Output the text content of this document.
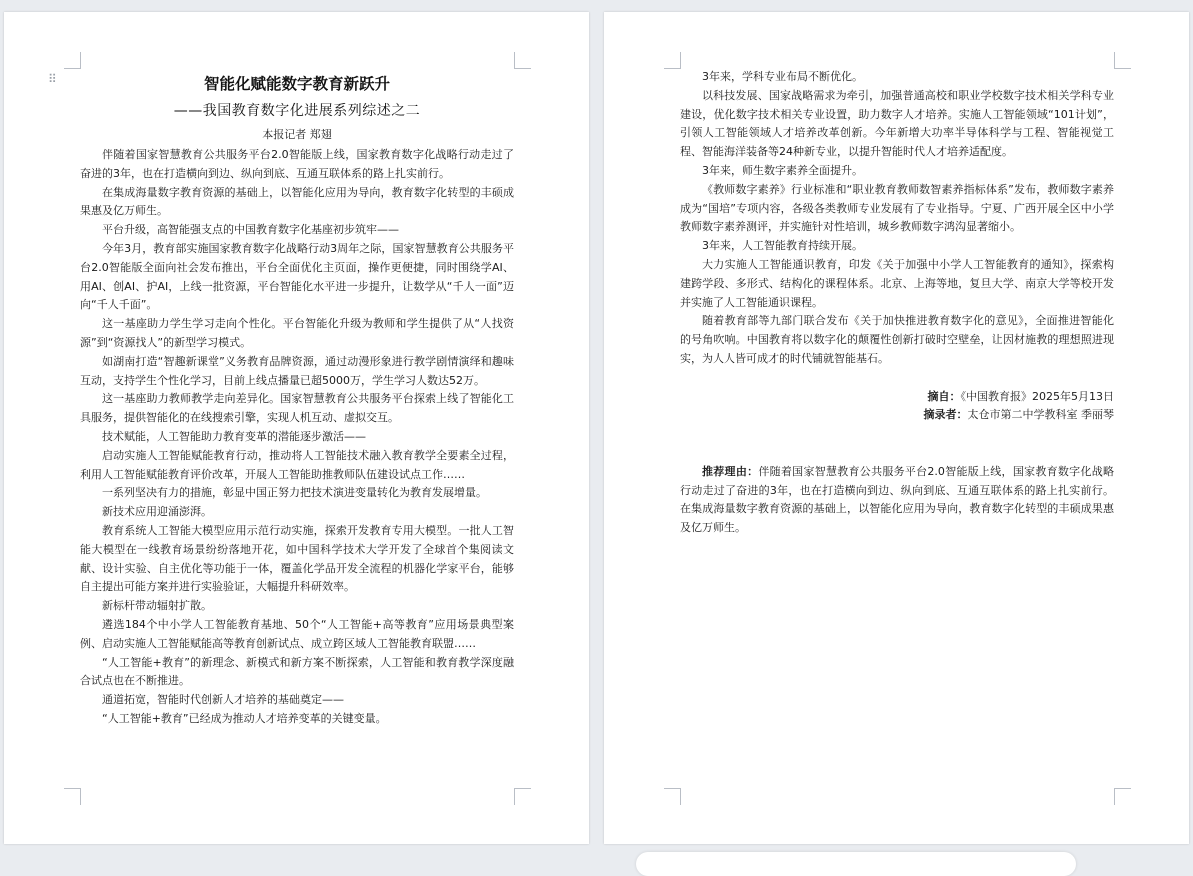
⠿	智能化赋能数字教育新跃升

——我国教育数字化进展系列综述之二

本报记者 郑翅

伴随着国家智慧教育公共服务平台2.0智能版上线，国家教育数字化战略行动走过了奋进的3年，也在打造横向到边、纵向到底、互通互联体系的路上扎实前行。

在集成海量数字教育资源的基础上，以智能化应用为导向，教育数字化转型的丰硕成果惠及亿万师生。

平台升级，高智能强支点的中国教育数字化基座初步筑牢——

今年3月，教育部实施国家教育数字化战略行动3周年之际，国家智慧教育公共服务平台2.0智能版全面向社会发布推出，平台全面优化主页面，操作更便捷，同时围绕学AI、用AI、创AI、护AI，上线一批资源，平台智能化水平进一步提升，让数学从“千人一面”迈向“千人千面”。

这一基座助力学生学习走向个性化。平台智能化升级为教师和学生提供了从“人找资源”到“资源找人”的新型学习模式。

如湖南打造“智趣新课堂”义务教育品牌资源，通过动漫形象进行教学剧情演绎和趣味互动，支持学生个性化学习，目前上线点播量已超5000万，学生学习人数达52万。

这一基座助力教师教学走向差异化。国家智慧教育公共服务平台探索上线了智能化工具服务，提供智能化的在线搜索引擎，实现人机互动、虚拟交互。

技术赋能，人工智能助力教育变革的潜能逐步激活——

启动实施人工智能赋能教育行动，推动将人工智能技术融入教育教学全要素全过程，利用人工智能赋能教育评价改革，开展人工智能助推教师队伍建设试点工作……

一系列坚决有力的措施，彰显中国正努力把技术演进变量转化为教育发展增量。

新技术应用迎涌澎湃。

教育系统人工智能大模型应用示范行动实施，探索开发教育专用大模型。一批人工智能大模型在一线教育场景纷纷落地开花，如中国科学技术大学开发了全球首个集阅读文献、设计实验、自主优化等功能于一体，覆盖化学品开发全流程的机器化学家平台，能够自主提出可能方案并进行实验验证，大幅提升科研效率。

新标杆带动辐射扩散。

遴选184个中小学人工智能教育基地、50个“人工智能+高等教育”应用场景典型案例、启动实施人工智能赋能高等教育创新试点、成立跨区域人工智能教育联盟……

“人工智能+教育”的新理念、新模式和新方案不断探索，人工智能和教育教学深度融合试点也在不断推进。

通道拓宽，智能时代创新人才培养的基础奠定——

“人工智能+教育”已经成为推动人才培养变革的关键变量。

3年来，学科专业布局不断优化。

以科技发展、国家战略需求为牵引，加强普通高校和职业学校数字技术相关学科专业建设，优化数字技术相关专业设置，助力数字人才培养。实施人工智能领域“101计划”，引领人工智能领域人才培养改革创新。今年新增大功率半导体科学与工程、智能视觉工程、智能海洋装备等24种新专业，以提升智能时代人才培养适配度。

3年来，师生数字素养全面提升。

《教师数字素养》行业标准和“职业教育教师数智素养指标体系”发布，教师数字素养成为“国培”专项内容，各级各类教师专业发展有了专业指导。宁夏、广西开展全区中小学教师数字素养测评，并实施针对性培训，城乡教师数字鸿沟显著缩小。

3年来，人工智能教育持续开展。

大力实施人工智能通识教育，印发《关于加强中小学人工智能教育的通知》，探索构建跨学段、多形式、结构化的课程体系。北京、上海等地，复旦大学、南京大学等校开发并实施了人工智能通识课程。

随着教育部等九部门联合发布《关于加快推进教育数字化的意见》，全面推进智能化的号角吹响。中国教育将以数字化的颠覆性创新打破时空壁垒，让因材施教的理想照进现实，为人人皆可成才的时代铺就智能基石。

摘自：《中国教育报》2025年5月13日

摘录者：太仓市第二中学教科室 季丽琴

推荐理由：伴随着国家智慧教育公共服务平台2.0智能版上线，国家教育数字化战略行动走过了奋进的3年，也在打造横向到边、纵向到底、互通互联体系的路上扎实前行。在集成海量数字教育资源的基础上，以智能化应用为导向，教育数字化转型的丰硕成果惠及亿万师生。
